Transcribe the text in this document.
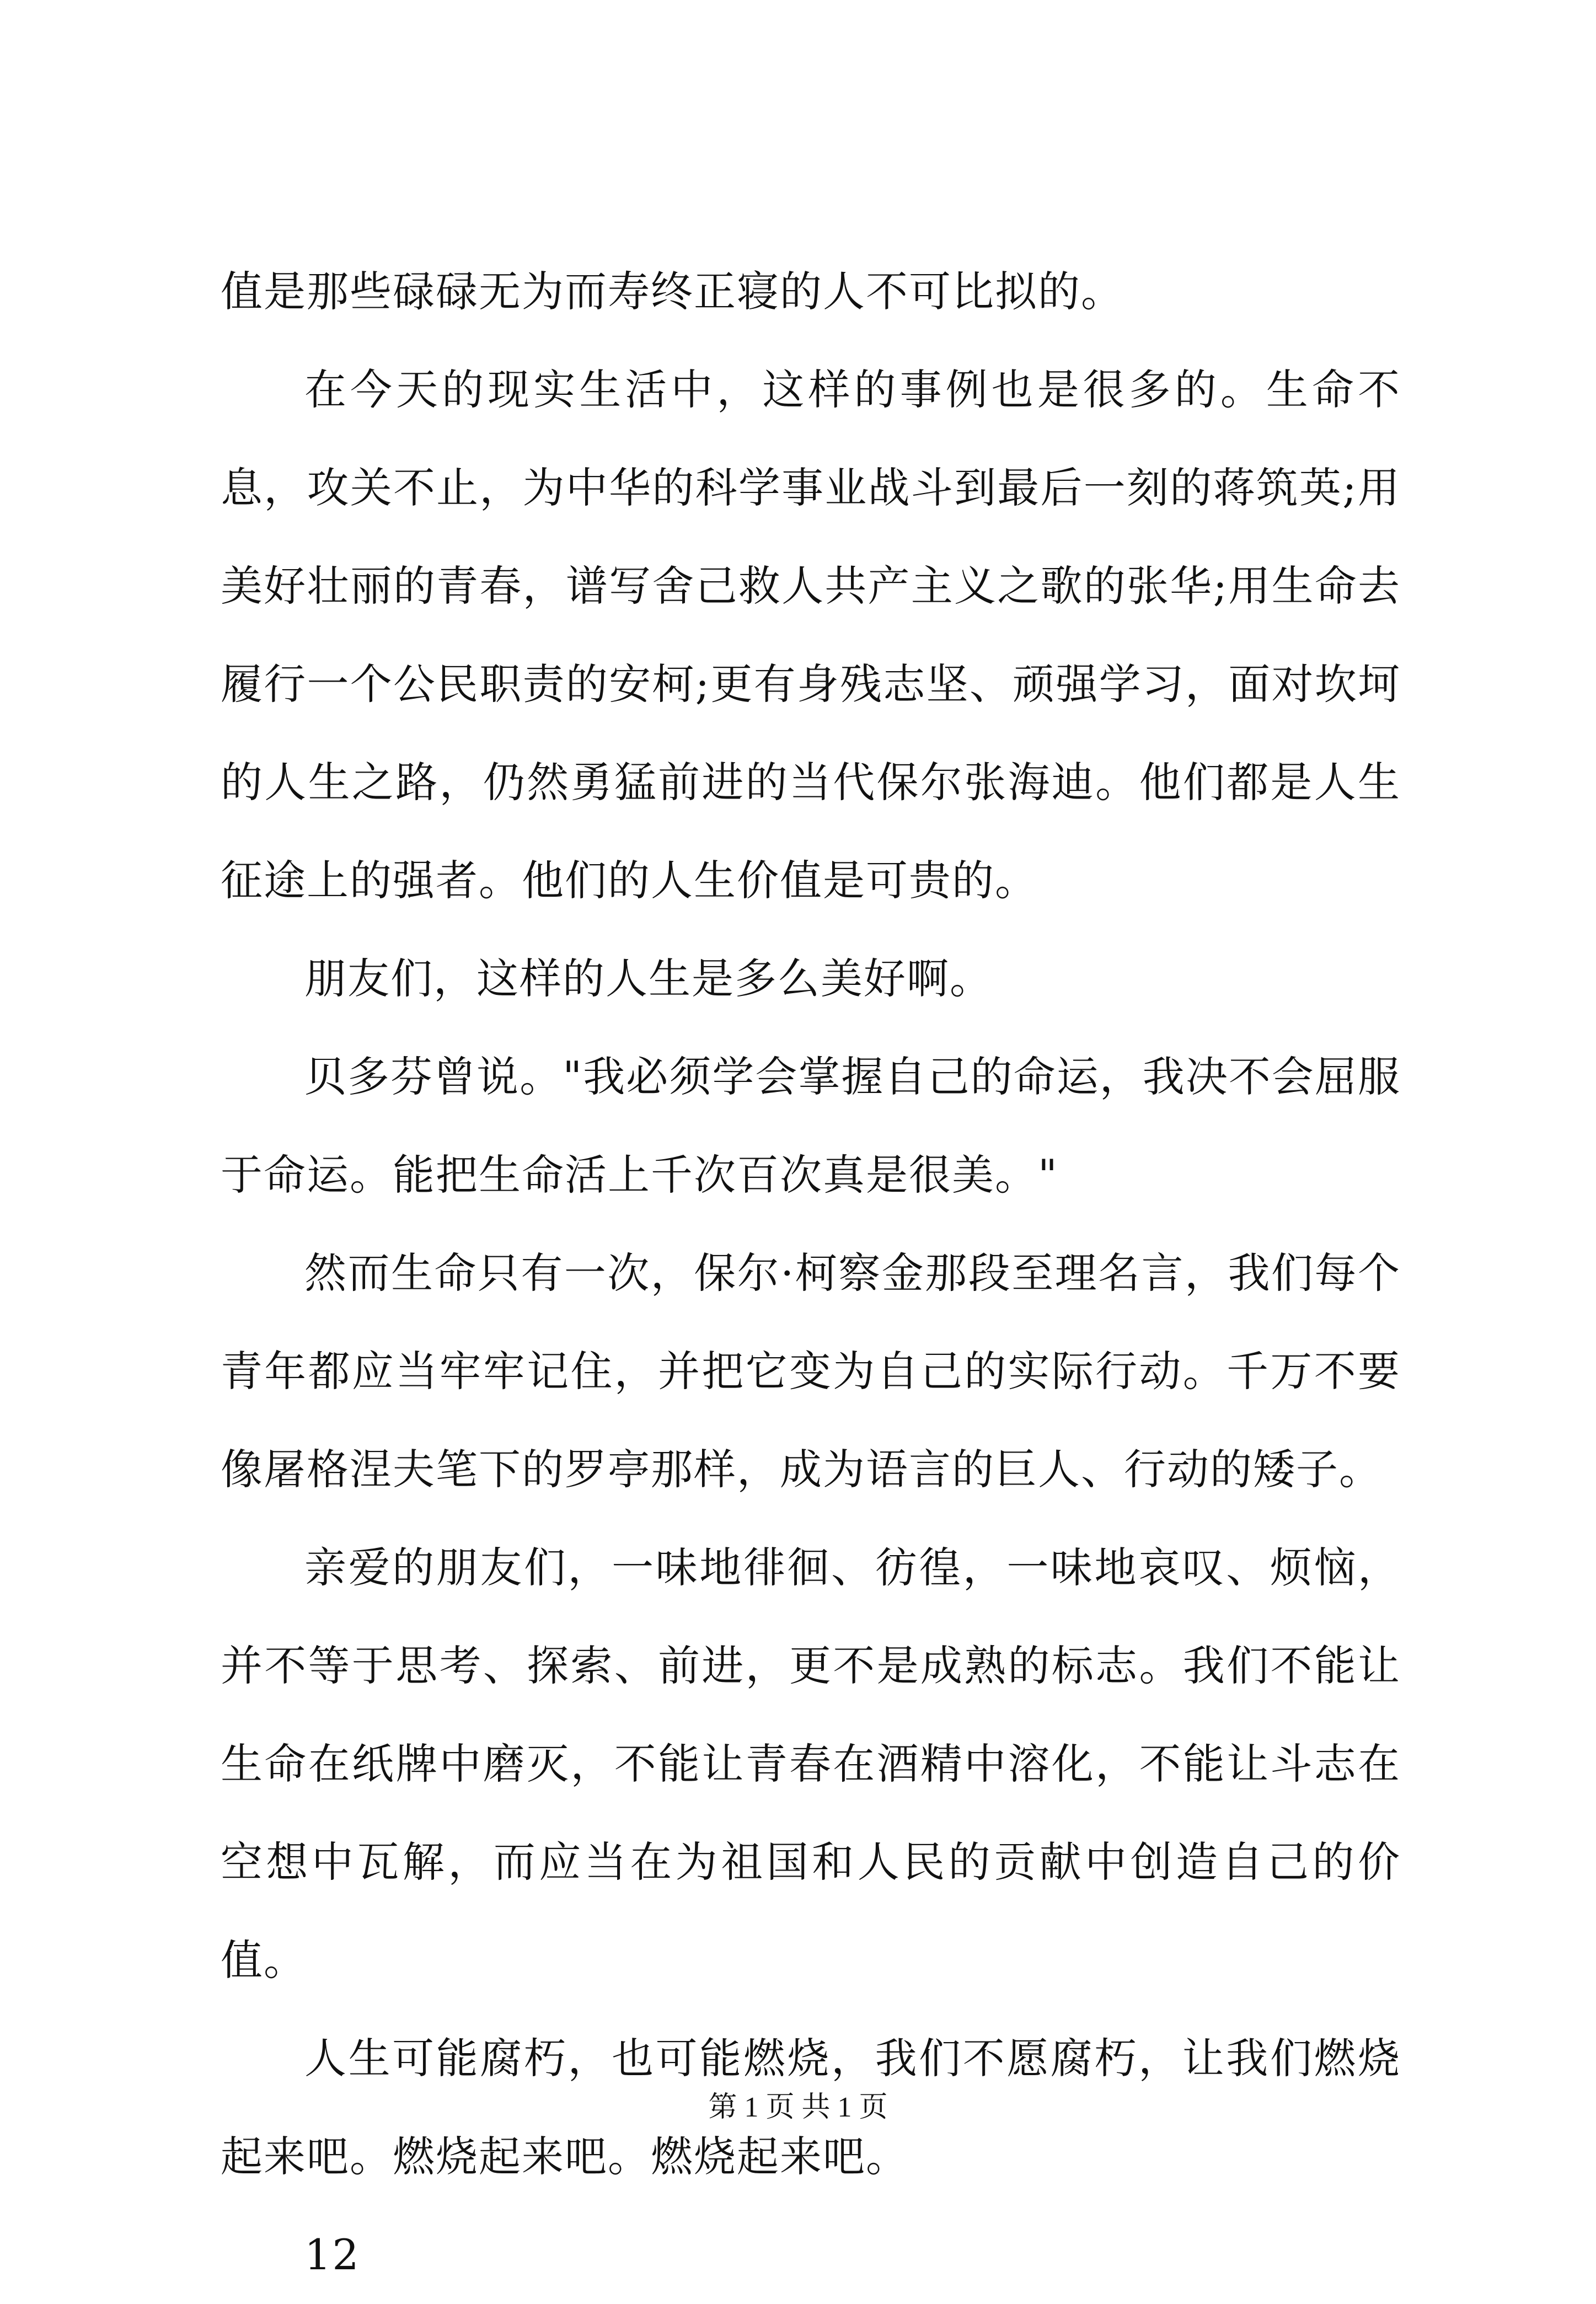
值是那些碌碌无为而寿终正寝的人不可比拟的。

在今天的现实生活中，这样的事例也是很多的。生命不息，攻关不止，为中华的科学事业战斗到最后一刻的蒋筑英;用美好壮丽的青春，谱写舍己救人共产主义之歌的张华;用生命去履行一个公民职责的安柯;更有身残志坚、顽强学习，面对坎坷的人生之路，仍然勇猛前进的当代保尔张海迪。他们都是人生征途上的强者。他们的人生价值是可贵的。

朋友们，这样的人生是多么美好啊。

贝多芬曾说。"我必须学会掌握自己的命运，我决不会屈服于命运。能把生命活上千次百次真是很美。"

然而生命只有一次，保尔·柯察金那段至理名言，我们每个青年都应当牢牢记住，并把它变为自己的实际行动。千万不要像屠格涅夫笔下的罗亭那样，成为语言的巨人、行动的矮子。

亲爱的朋友们，一味地徘徊、彷徨，一味地哀叹、烦恼，并不等于思考、探索、前进，更不是成熟的标志。我们不能让生命在纸牌中磨灭，不能让青春在酒精中溶化，不能让斗志在空想中瓦解，而应当在为祖国和人民的贡献中创造自己的价值。

人生可能腐朽，也可能燃烧，我们不愿腐朽，让我们燃烧起来吧。燃烧起来吧。燃烧起来吧。

12

第 1 页 共 1 页
